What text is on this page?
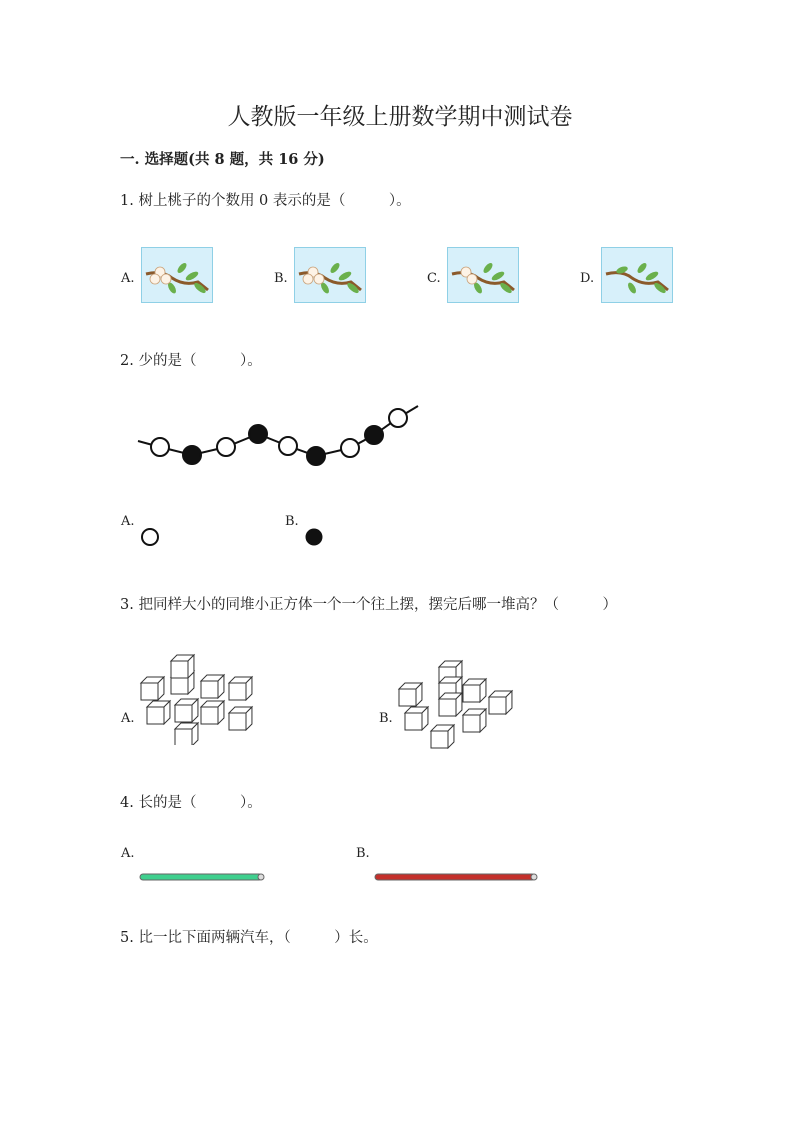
人教版一年级上册数学期中测试卷
一. 选择题(共 8 题，共 16 分)
1. 树上桃子的个数用 0 表示的是（　　　）。
A.	B.	C.	D.
2. 少的是（　　　）。
A.	B.
3. 把同样大小的同堆小正方体一个一个往上摆，摆完后哪一堆高？（　　　）
A.	B.
4. 长的是（　　　）。
A.	B.
5. 比一比下面两辆汽车，（　　　）长。
